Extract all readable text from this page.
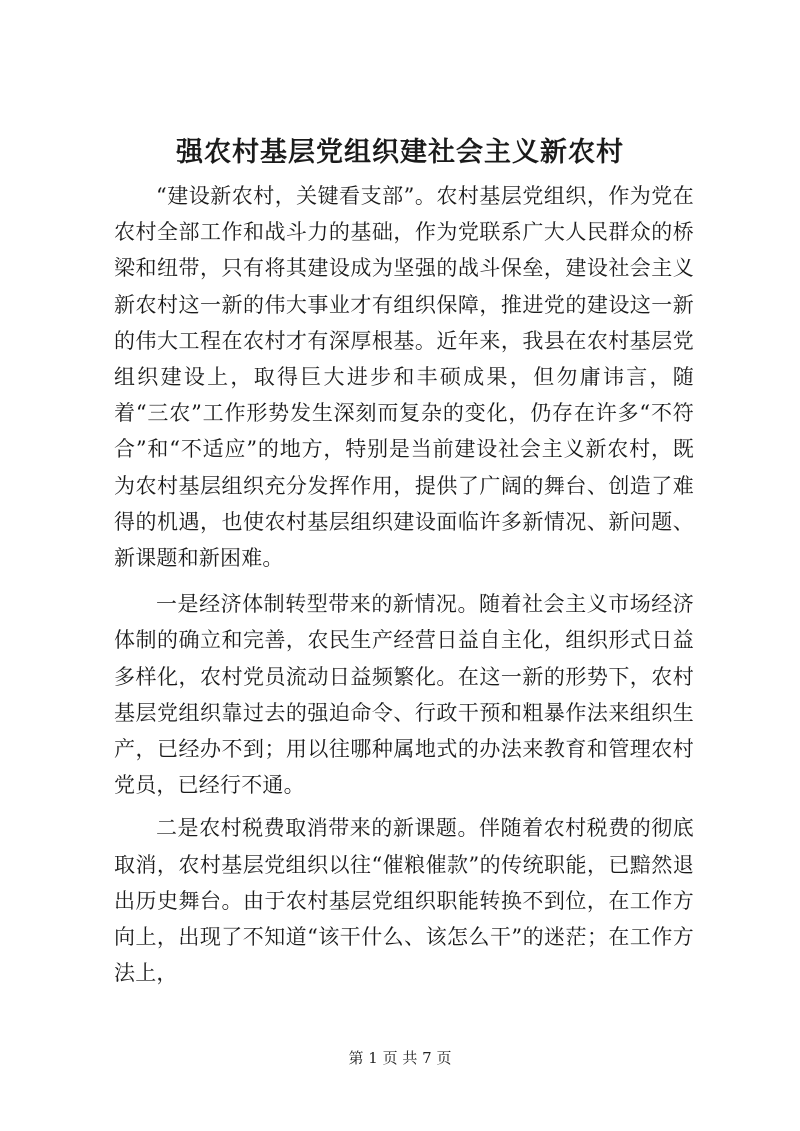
强农村基层党组织建社会主义新农村

“建设新农村，关键看支部”。农村基层党组织，作为党在农村全部工作和战斗力的基础，作为党联系广大人民群众的桥梁和纽带，只有将其建设成为坚强的战斗保垒，建设社会主义新农村这一新的伟大事业才有组织保障，推进党的建设这一新的伟大工程在农村才有深厚根基。近年来，我县在农村基层党组织建设上，取得巨大进步和丰硕成果，但勿庸讳言，随着“三农”工作形势发生深刻而复杂的变化，仍存在许多“不符合”和“不适应”的地方，特别是当前建设社会主义新农村，既为农村基层组织充分发挥作用，提供了广阔的舞台、创造了难得的机遇，也使农村基层组织建设面临许多新情况、新问题、新课题和新困难。

一是经济体制转型带来的新情况。随着社会主义市场经济体制的确立和完善，农民生产经营日益自主化，组织形式日益多样化，农村党员流动日益频繁化。在这一新的形势下，农村基层党组织靠过去的强迫命令、行政干预和粗暴作法来组织生产，已经办不到；用以往哪种属地式的办法来教育和管理农村党员，已经行不通。

二是农村税费取消带来的新课题。伴随着农村税费的彻底取消，农村基层党组织以往“催粮催款”的传统职能，已黯然退出历史舞台。由于农村基层党组织职能转换不到位，在工作方向上，出现了不知道“该干什么、该怎么干”的迷茫；在工作方法上，

第 1 页 共 7 页
